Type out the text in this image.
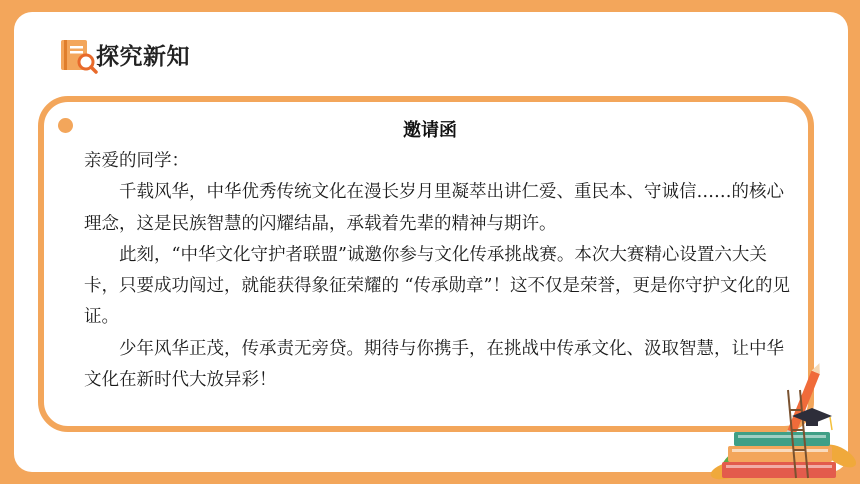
探究新知
邀请函

亲爱的同学：

千载风华，中华优秀传统文化在漫长岁月里凝萃出讲仁爱、重民本、守诚信……的核心理念，这是民族智慧的闪耀结晶，承载着先辈的精神与期许。

此刻，“中华文化守护者联盟”诚邀你参与文化传承挑战赛。本次大赛精心设置六大关卡，只要成功闯过，就能获得象征荣耀的 “传承勋章”！这不仅是荣誉，更是你守护文化的见证。

少年风华正茂，传承责无旁贷。期待与你携手，在挑战中传承文化、汲取智慧，让中华文化在新时代大放异彩！
